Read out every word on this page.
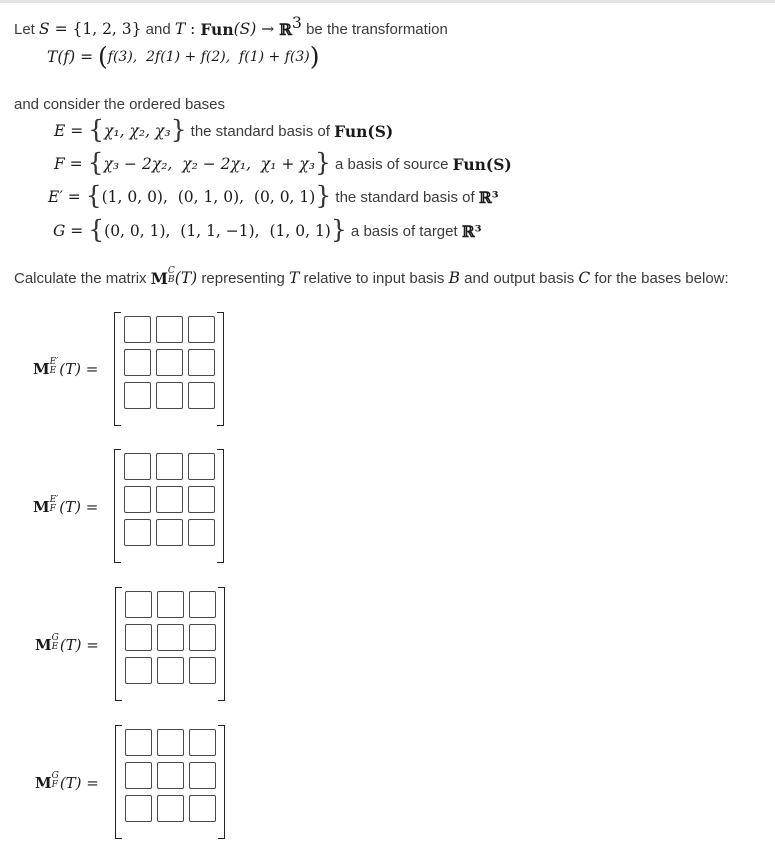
Let S = {1, 2, 3} and T : Fun (S) → ℝ$^3$ be the transformation
T(f) = ( f(3),  2f(1) + f(2),  f(1) + f(3) )
and consider the ordered bases
E = { χ₁, χ₂, χ₃ } the standard basis of Fun(S)
F = { χ₃ − 2χ₂,  χ₂ − 2χ₁,  χ₁ + χ₃ } a basis of source Fun(S)
E′ = { (1, 0, 0),  (0, 1, 0),  (0, 0, 1) } the standard basis of ℝ³
G = { (0, 0, 1),  (1, 1, −1),  (1, 0, 1) } a basis of target ℝ³
Calculate the matrix M C
B (T) representing T relative to input basis B and output basis C for the bases below:
M E′
E (T) =
M E′
F (T) =
M G
E (T) =
M G
F (T) =
